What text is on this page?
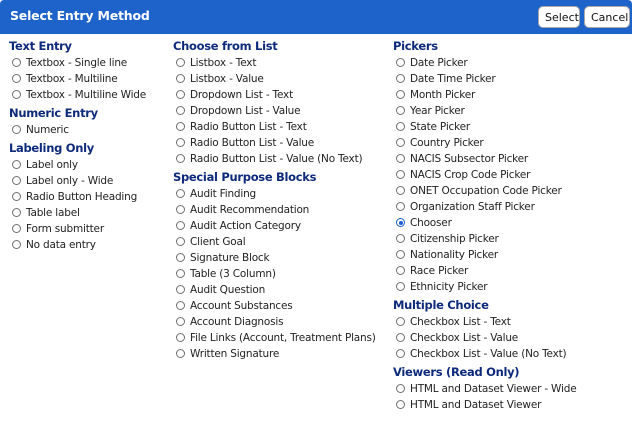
Select Entry Method	Select	Cancel
Text Entry
Textbox - Single line
Textbox - Multiline
Textbox - Multiline Wide
Numeric Entry
Numeric
Labeling Only
Label only
Label only - Wide
Radio Button Heading
Table label
Form submitter
No data entry
Choose from List
Listbox - Text
Listbox - Value
Dropdown List - Text
Dropdown List - Value
Radio Button List - Text
Radio Button List - Value
Radio Button List - Value (No Text)
Special Purpose Blocks
Audit Finding
Audit Recommendation
Audit Action Category
Client Goal
Signature Block
Table (3 Column)
Audit Question
Account Substances
Account Diagnosis
File Links (Account, Treatment Plans)
Written Signature
Pickers
Date Picker
Date Time Picker
Month Picker
Year Picker
State Picker
Country Picker
NACIS Subsector Picker
NACIS Crop Code Picker
ONET Occupation Code Picker
Organization Staff Picker
Chooser
Citizenship Picker
Nationality Picker
Race Picker
Ethnicity Picker
Multiple Choice
Checkbox List - Text
Checkbox List - Value
Checkbox List - Value (No Text)
Viewers (Read Only)
HTML and Dataset Viewer - Wide
HTML and Dataset Viewer
